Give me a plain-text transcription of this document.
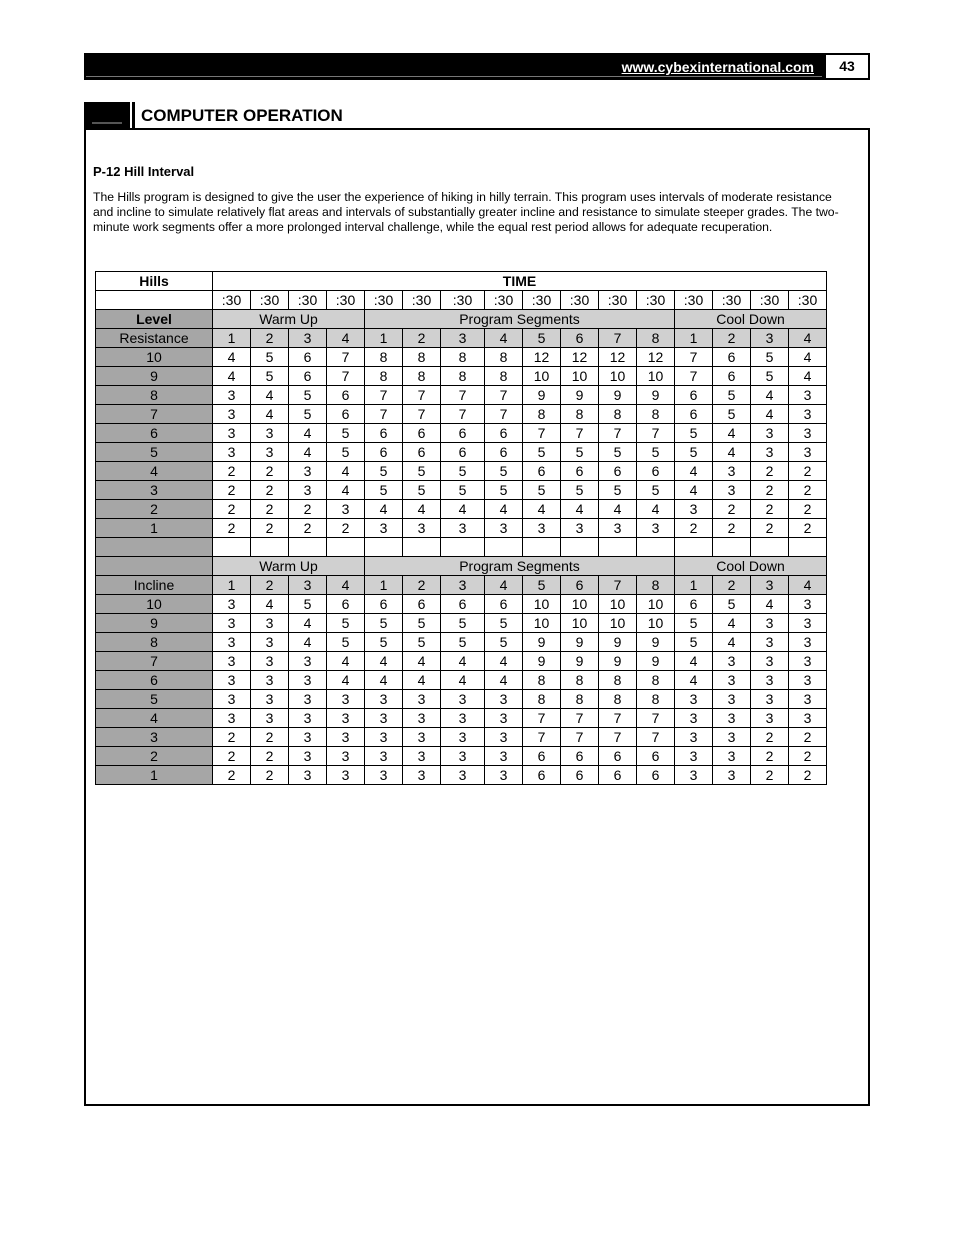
www.cybexinternational.com	43
COMPUTER OPERATION
P-12 Hill Interval
The Hills program is designed to give the user the experience of hiking in hilly terrain. This program uses intervals of moderate resistance and incline to simulate relatively flat areas and intervals of substantially greater incline and resistance to simulate steeper grades. The two-minute work segments offer a more prolonged interval challenge, while the equal rest period allows for adequate recuperation.
Hills	TIME															
	:30	:30	:30	:30	:30	:30	:30	:30	:30	:30	:30	:30	:30	:30	:30	:30
Level	Warm Up				Program Segments								Cool Down			
Resistance	1	2	3	4	1	2	3	4	5	6	7	8	1	2	3	4
10	4	5	6	7	8	8	8	8	12	12	12	12	7	6	5	4
9	4	5	6	7	8	8	8	8	10	10	10	10	7	6	5	4
8	3	4	5	6	7	7	7	7	9	9	9	9	6	5	4	3
7	3	4	5	6	7	7	7	7	8	8	8	8	6	5	4	3
6	3	3	4	5	6	6	6	6	7	7	7	7	5	4	3	3
5	3	3	4	5	6	6	6	6	5	5	5	5	5	4	3	3
4	2	2	3	4	5	5	5	5	6	6	6	6	4	3	2	2
3	2	2	3	4	5	5	5	5	5	5	5	5	4	3	2	2
2	2	2	2	3	4	4	4	4	4	4	4	4	3	2	2	2
1	2	2	2	2	3	3	3	3	3	3	3	3	2	2	2	2

	Warm Up				Program Segments								Cool Down			
Incline	1	2	3	4	1	2	3	4	5	6	7	8	1	2	3	4
10	3	4	5	6	6	6	6	6	10	10	10	10	6	5	4	3
9	3	3	4	5	5	5	5	5	10	10	10	10	5	4	3	3
8	3	3	4	5	5	5	5	5	9	9	9	9	5	4	3	3
7	3	3	3	4	4	4	4	4	9	9	9	9	4	3	3	3
6	3	3	3	4	4	4	4	4	8	8	8	8	4	3	3	3
5	3	3	3	3	3	3	3	3	8	8	8	8	3	3	3	3
4	3	3	3	3	3	3	3	3	7	7	7	7	3	3	3	3
3	2	2	3	3	3	3	3	3	7	7	7	7	3	3	2	2
2	2	2	3	3	3	3	3	3	6	6	6	6	3	3	2	2
1	2	2	3	3	3	3	3	3	6	6	6	6	3	3	2	2
